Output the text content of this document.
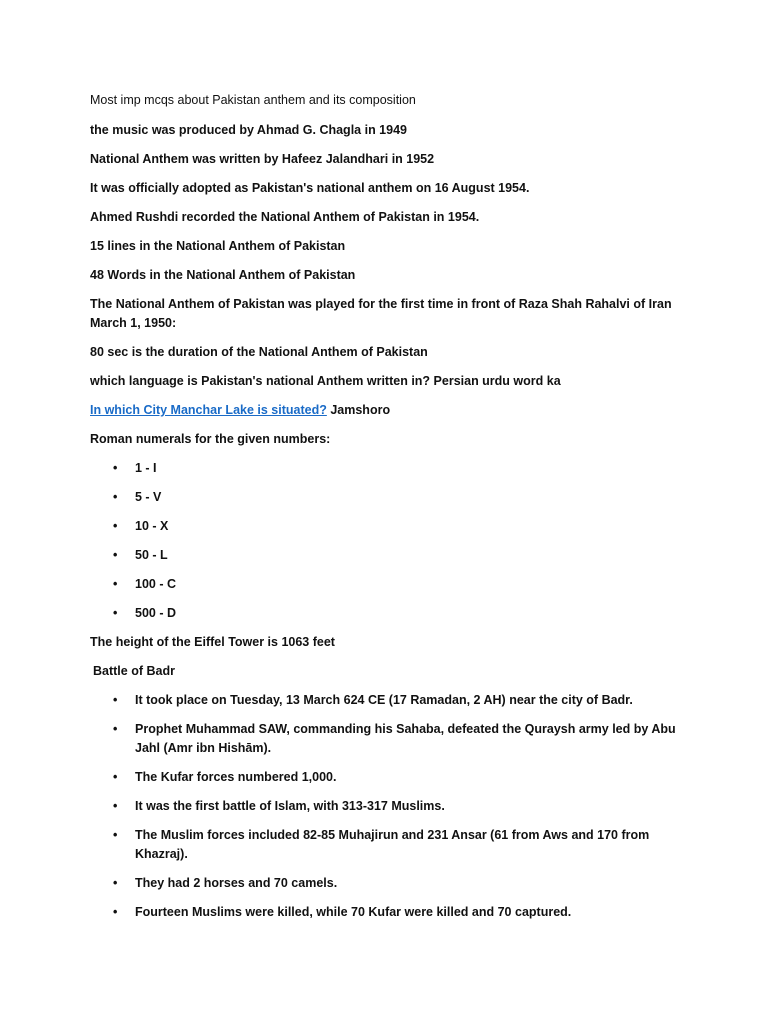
Most imp mcqs about Pakistan anthem and its composition
the music was produced by Ahmad G. Chagla in 1949
National Anthem was written by Hafeez Jalandhari in 1952
It was officially adopted as Pakistan's national anthem on 16 August 1954.
Ahmed Rushdi recorded the National Anthem of Pakistan in 1954.
15 lines in the National Anthem of Pakistan
48 Words in the National Anthem of Pakistan
The National Anthem of Pakistan was played for the first time in front of Raza Shah Rahalvi of Iran March 1, 1950:
80 sec is the duration of the National Anthem of Pakistan
which language is Pakistan's national Anthem written in? Persian urdu word ka
In which City Manchar Lake is situated? Jamshoro
Roman numerals for the given numbers:
• 1 - I
• 5 - V
• 10 - X
• 50 - L
• 100 - C
• 500 - D
The height of the Eiffel Tower is 1063 feet
Battle of Badr
• It took place on Tuesday, 13 March 624 CE (17 Ramadan, 2 AH) near the city of Badr.
• Prophet Muhammad SAW, commanding his Sahaba, defeated the Quraysh army led by Abu Jahl (Amr ibn Hishām).
• The Kufar forces numbered 1,000.
• It was the first battle of Islam, with 313-317 Muslims.
• The Muslim forces included 82-85 Muhajirun and 231 Ansar (61 from Aws and 170 from Khazraj).
• They had 2 horses and 70 camels.
• Fourteen Muslims were killed, while 70 Kufar were killed and 70 captured.
